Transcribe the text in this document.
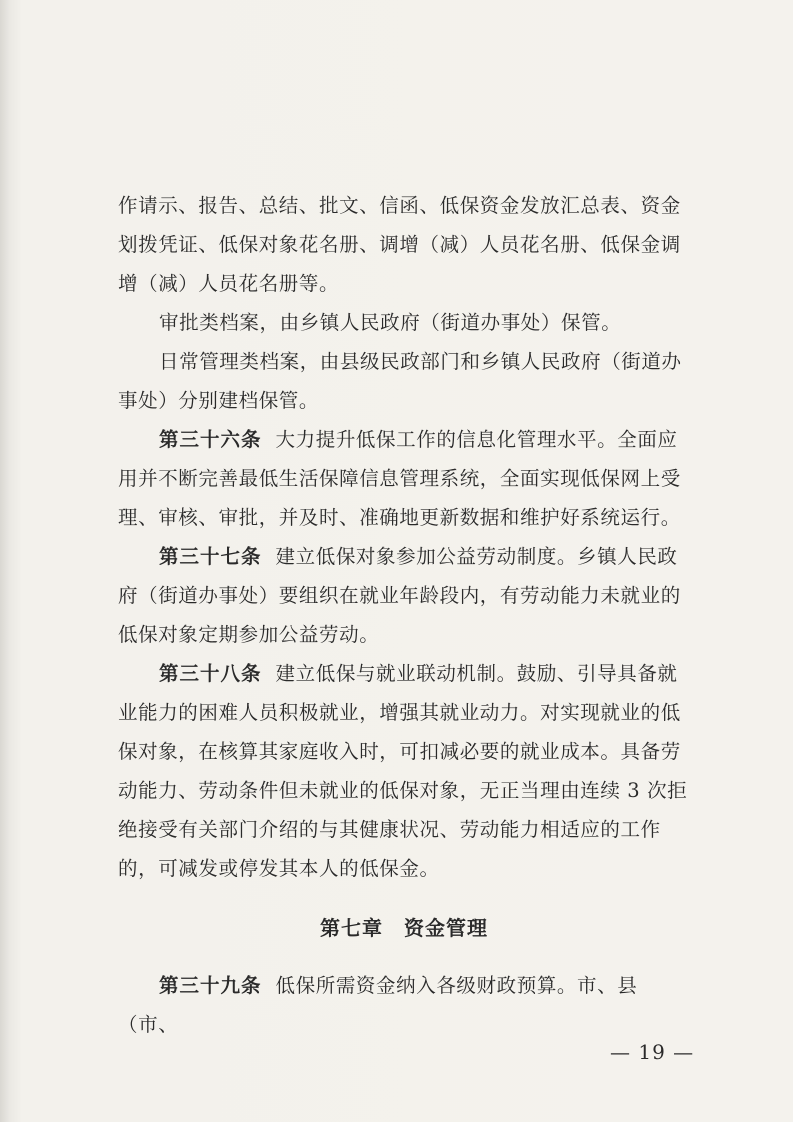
作请示、报告、总结、批文、信函、低保资金发放汇总表、资金划拨凭证、低保对象花名册、调增（减）人员花名册、低保金调增（减）人员花名册等。

审批类档案，由乡镇人民政府（街道办事处）保管。

日常管理类档案，由县级民政部门和乡镇人民政府（街道办事处）分别建档保管。

第三十六条 大力提升低保工作的信息化管理水平。全面应用并不断完善最低生活保障信息管理系统，全面实现低保网上受理、审核、审批，并及时、准确地更新数据和维护好系统运行。

第三十七条 建立低保对象参加公益劳动制度。乡镇人民政府（街道办事处）要组织在就业年龄段内，有劳动能力未就业的低保对象定期参加公益劳动。

第三十八条 建立低保与就业联动机制。鼓励、引导具备就业能力的困难人员积极就业，增强其就业动力。对实现就业的低保对象，在核算其家庭收入时，可扣减必要的就业成本。具备劳动能力、劳动条件但未就业的低保对象，无正当理由连续 3 次拒绝接受有关部门介绍的与其健康状况、劳动能力相适应的工作的，可减发或停发其本人的低保金。

第七章　资金管理

第三十九条 低保所需资金纳入各级财政预算。市、县（市、

— 19 —
